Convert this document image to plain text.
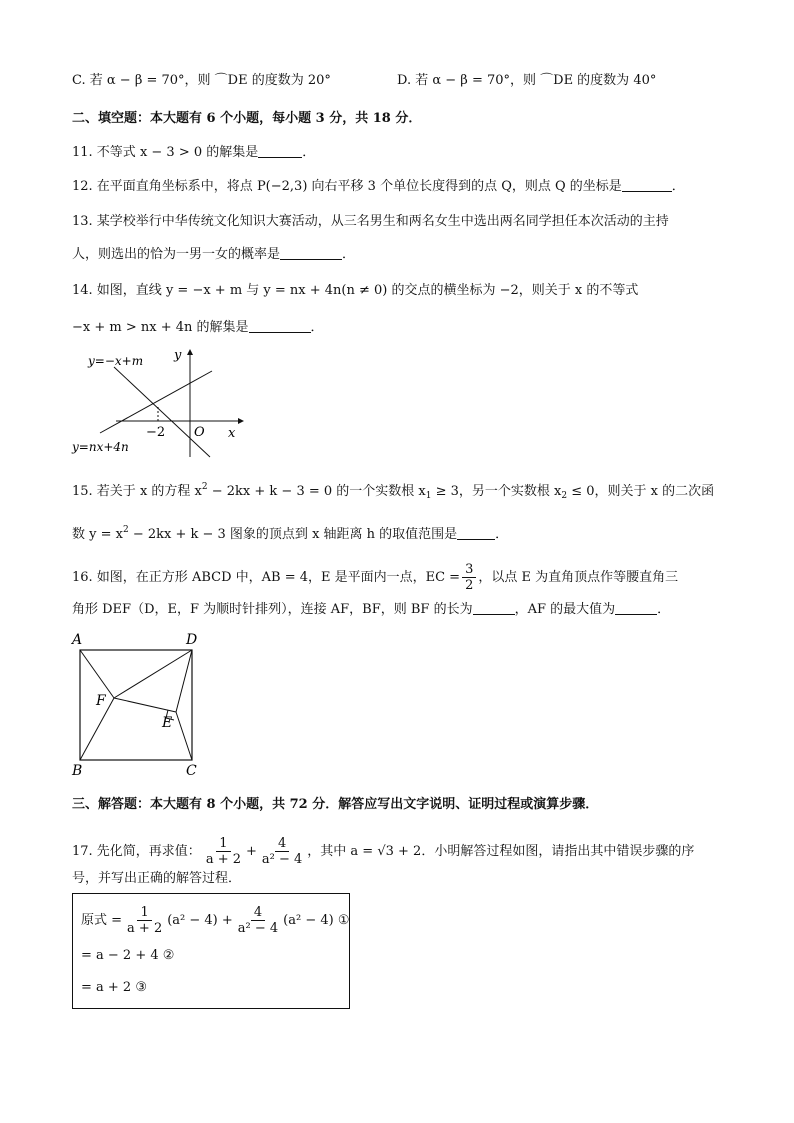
C. 若 α − β = 70°，则 ⌒DE 的度数为 20°	D. 若 α − β = 70°，则 ⌒DE 的度数为 40°
二、填空题：本大题有 6 个小题，每小题 3 分，共 18 分．
11. 不等式 x − 3 > 0 的解集是	．
12. 在平面直角坐标系中，将点 P(−2,3) 向右平移 3 个单位长度得到的点 Q，则点 Q 的坐标是	．
13. 某学校举行中华传统文化知识大赛活动，从三名男生和两名女生中选出两名同学担任本次活动的主持
人，则选出的恰为一男一女的概率是	．
14. 如图，直线 y = −x + m 与 y = nx + 4n(n ≠ 0) 的交点的横坐标为 −2，则关于 x 的不等式
−x + m > nx + 4n 的解集是	．
y=−x+m
y=nx+4n
y
x
O
−2
15. 若关于 x 的方程 $x^2 - 2kx + k - 3 = 0$ 的一个实数根 $x_1 \ge 3$，另一个实数根 $x_2 \le 0$，则关于 x 的二次函
数 $y = x^2 - 2kx + k - 3$ 图象的顶点到 x 轴距离 h 的取值范围是	．
16. 如图，在正方形 ABCD 中，AB = 4，E 是平面内一点，EC = $\frac{3}{2}$ ，以点 E 为直角顶点作等腰直角三
角形 DEF（D，E，F 为顺时针排列），连接 AF，BF，则 BF 的长为	，AF 的最大值为	．
A	D
B	C
F
E
三、解答题：本大题有 8 个小题，共 72 分．解答应写出文字说明、证明过程或演算步骤．
17. 先化简，再求值： $\frac{1}{a + 2} + \frac{4}{\text{a² − 4}}$ ，其中 a = √3 + 2．小明解答过程如图，请指出其中错误步骤的序
号，并写出正确的解答过程．
原式 = $\frac{1}{a + 2} (a^2 - 4) + \frac{4}{\text{a² − 4}} (a^2 - 4)$ ①
= a − 2 + 4 ②
= a + 2 ③
